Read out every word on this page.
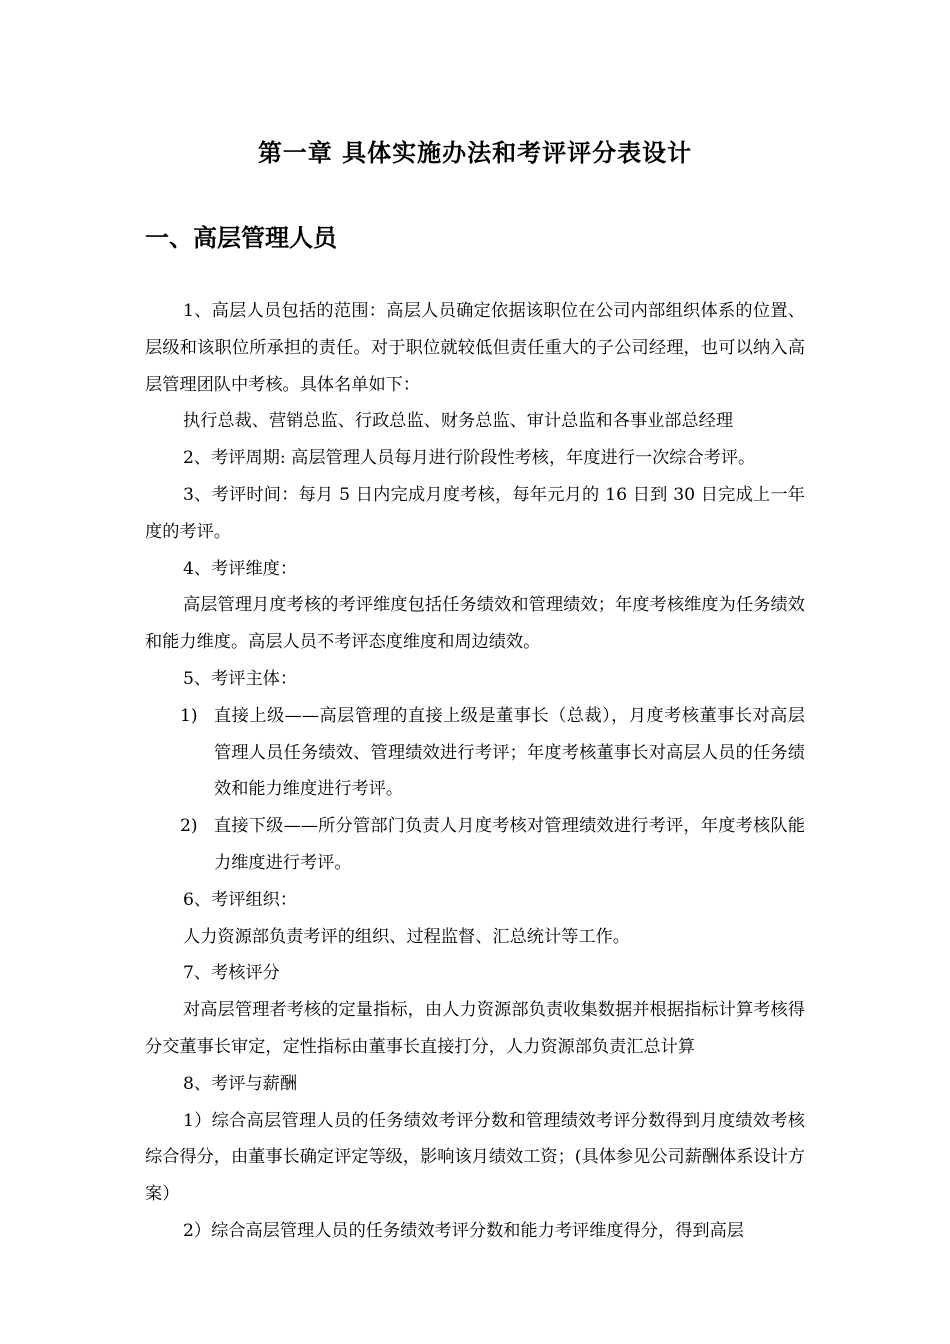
第一章 具体实施办法和考评评分表设计
一、高层管理人员

1、高层人员包括的范围：高层人员确定依据该职位在公司内部组织体系的位置、层级和该职位所承担的责任。对于职位就较低但责任重大的子公司经理，也可以纳入高层管理团队中考核。具体名单如下：

执行总裁、营销总监、行政总监、财务总监、审计总监和各事业部总经理

2、考评周期: 高层管理人员每月进行阶段性考核，年度进行一次综合考评。

3、考评时间：每月 5 日内完成月度考核，每年元月的 16 日到 30 日完成上一年度的考评。

4、考评维度：

高层管理月度考核的考评维度包括任务绩效和管理绩效；年度考核维度为任务绩效和能力维度。高层人员不考评态度维度和周边绩效。

5、考评主体：

1) 直接上级——高层管理的直接上级是董事长（总裁），月度考核董事长对高层管理人员任务绩效、管理绩效进行考评；年度考核董事长对高层人员的任务绩效和能力维度进行考评。

2) 直接下级——所分管部门负责人月度考核对管理绩效进行考评，年度考核队能力维度进行考评。

6、考评组织：

人力资源部负责考评的组织、过程监督、汇总统计等工作。

7、考核评分

对高层管理者考核的定量指标，由人力资源部负责收集数据并根据指标计算考核得分交董事长审定，定性指标由董事长直接打分，人力资源部负责汇总计算

8、考评与薪酬

1）综合高层管理人员的任务绩效考评分数和管理绩效考评分数得到月度绩效考核综合得分，由董事长确定评定等级，影响该月绩效工资；(具体参见公司薪酬体系设计方案）

2）综合高层管理人员的任务绩效考评分数和能力考评维度得分，得到高层
